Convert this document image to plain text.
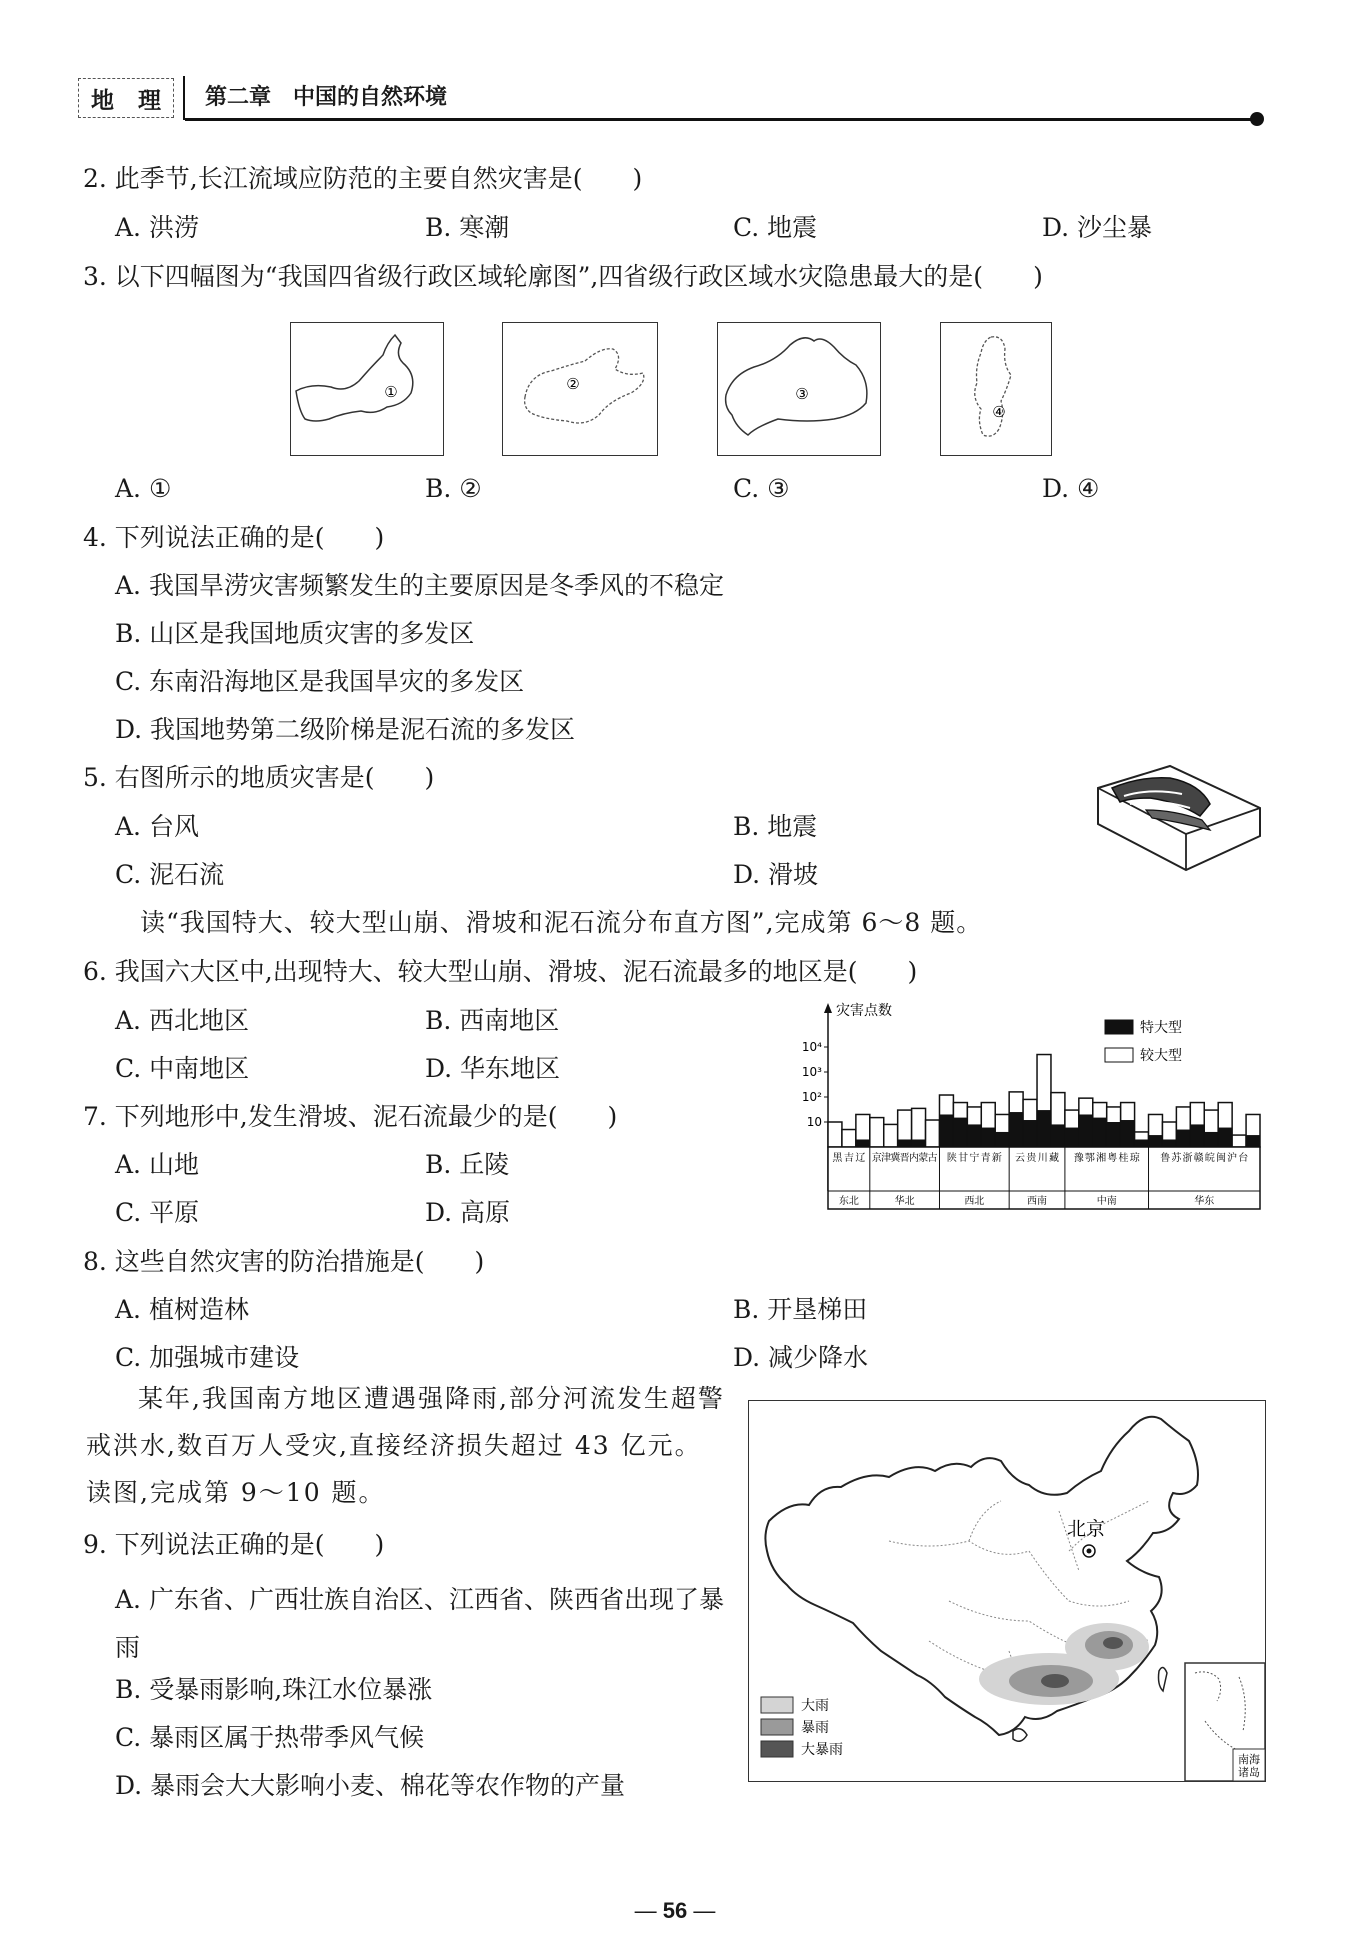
地 理 第二章　中国的自然环境
2. 此季节,长江流域应防范的主要自然灾害是(　　)
A. 洪涝	B. 寒潮	C. 地震	D. 沙尘暴
3. 以下四幅图为“我国四省级行政区域轮廓图”,四省级行政区域水灾隐患最大的是(　　)
①	②
③
④
A. ①	B. ②	C. ③	D. ④
4. 下列说法正确的是(　　)
A. 我国旱涝灾害频繁发生的主要原因是冬季风的不稳定
B. 山区是我国地质灾害的多发区
C. 东南沿海地区是我国旱灾的多发区
D. 我国地势第二级阶梯是泥石流的多发区
5. 右图所示的地质灾害是(　　)
A. 台风	B. 地震
C. 泥石流	D. 滑坡
读“我国特大、较大型山崩、滑坡和泥石流分布直方图”,完成第 6～8 题。
6. 我国六大区中,出现特大、较大型山崩、滑坡、泥石流最多的地区是(　　)
A. 西北地区	B. 西南地区
C. 中南地区	D. 华东地区
7. 下列地形中,发生滑坡、泥石流最少的是(　　)
A. 山地	B. 丘陵
C. 平原	D. 高原
灾害点数
10⁴
10³
10²
10
黑吉辽
东北
京津冀晋内蒙古
华北
陕甘宁青新
西北
云贵川藏
西南
豫鄂湘粤桂琼
中南
鲁苏浙赣皖闽沪台
华东
特大型
较大型
8. 这些自然灾害的防治措施是(　　)
A. 植树造林	B. 开垦梯田
C. 加强城市建设	D. 减少降水
某年,我国南方地区遭遇强降雨,部分河流发生超警戒洪水,数百万人受灾,直接经济损失超过 43 亿元。读图,完成第 9～10 题。
9. 下列说法正确的是(　　)
A. 广东省、广西壮族自治区、江西省、陕西省出现了暴雨
B. 受暴雨影响,珠江水位暴涨
C. 暴雨区属于热带季风气候
D. 暴雨会大大影响小麦、棉花等农作物的产量
北京
大雨
暴雨
大暴雨
南海诸岛
— 56 —
